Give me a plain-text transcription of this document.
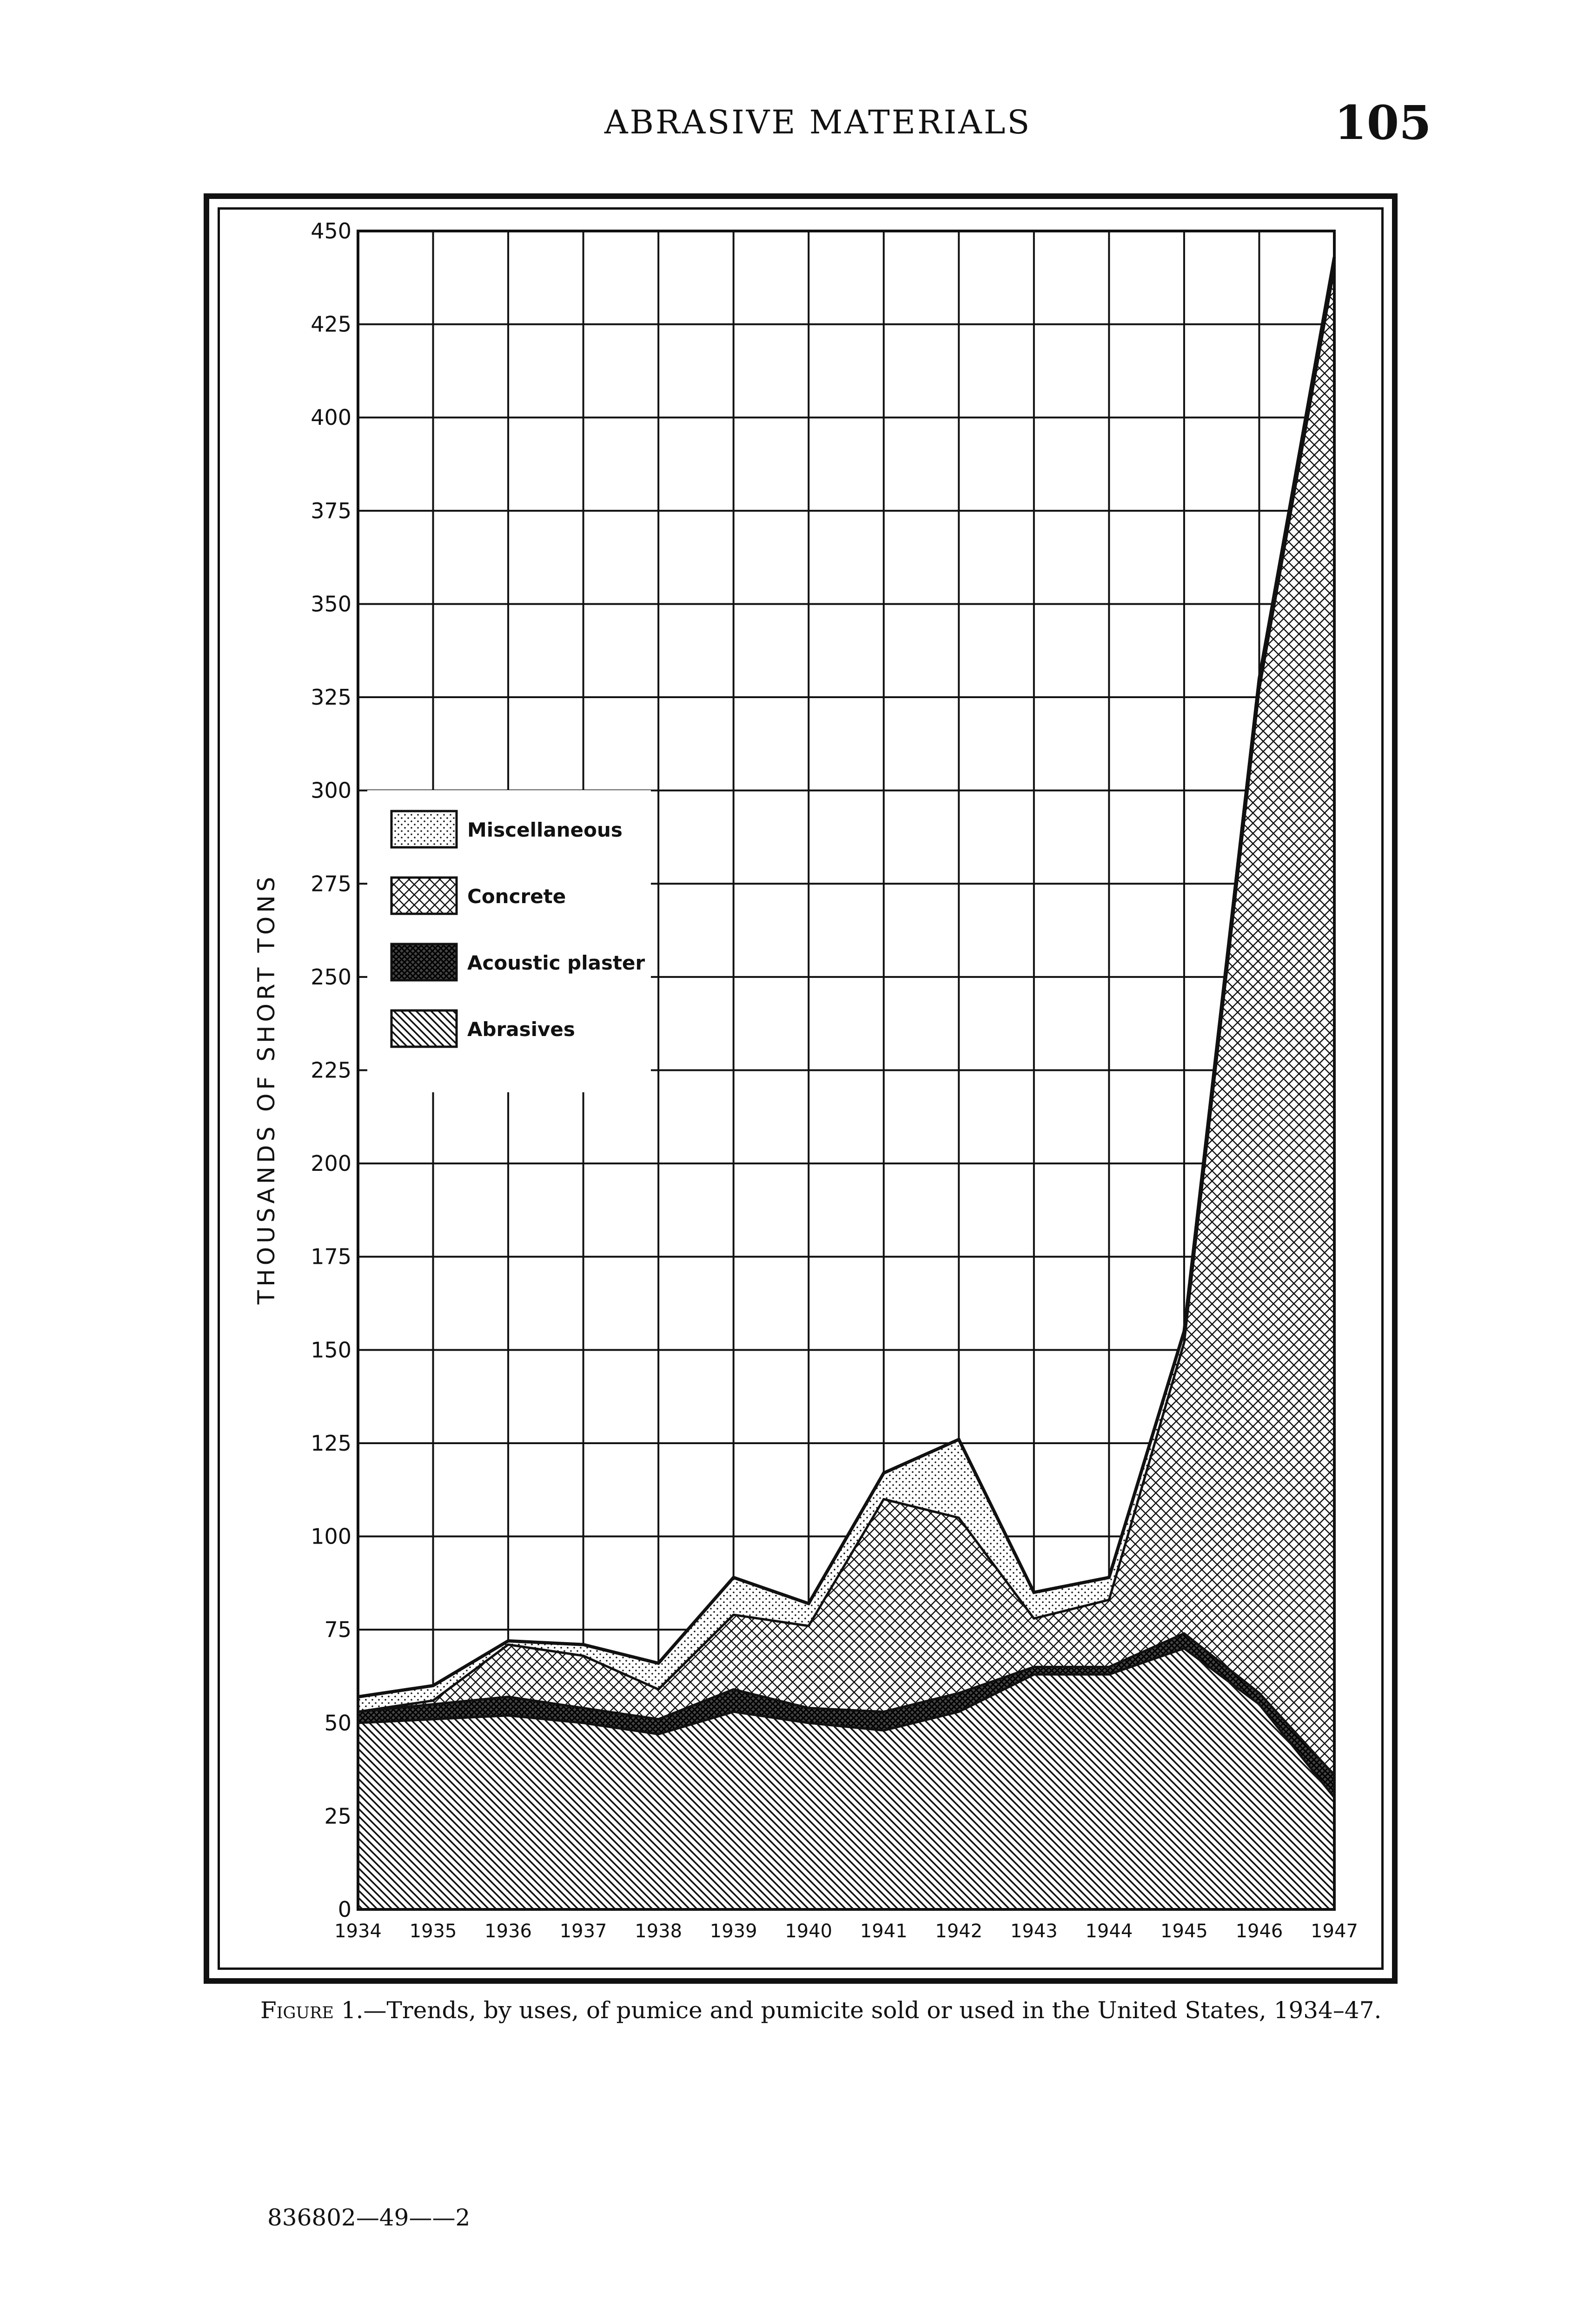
ABRASIVE MATERIALS	105
0
25
50
75
100
125
150
175
200
225
250
275
300
325
350
375
400
425
450
1934 1935 1936 1937 1938 1939 1940 1941 1942 1943 1944 1945 1946 1947
THOUSANDS OF SHORT TONS
Miscellaneous
Concrete
Acoustic plaster
Abrasives
Figure 1.—Trends, by uses, of pumice and pumicite sold or used in the United States, 1934–47.
836802—49——2
